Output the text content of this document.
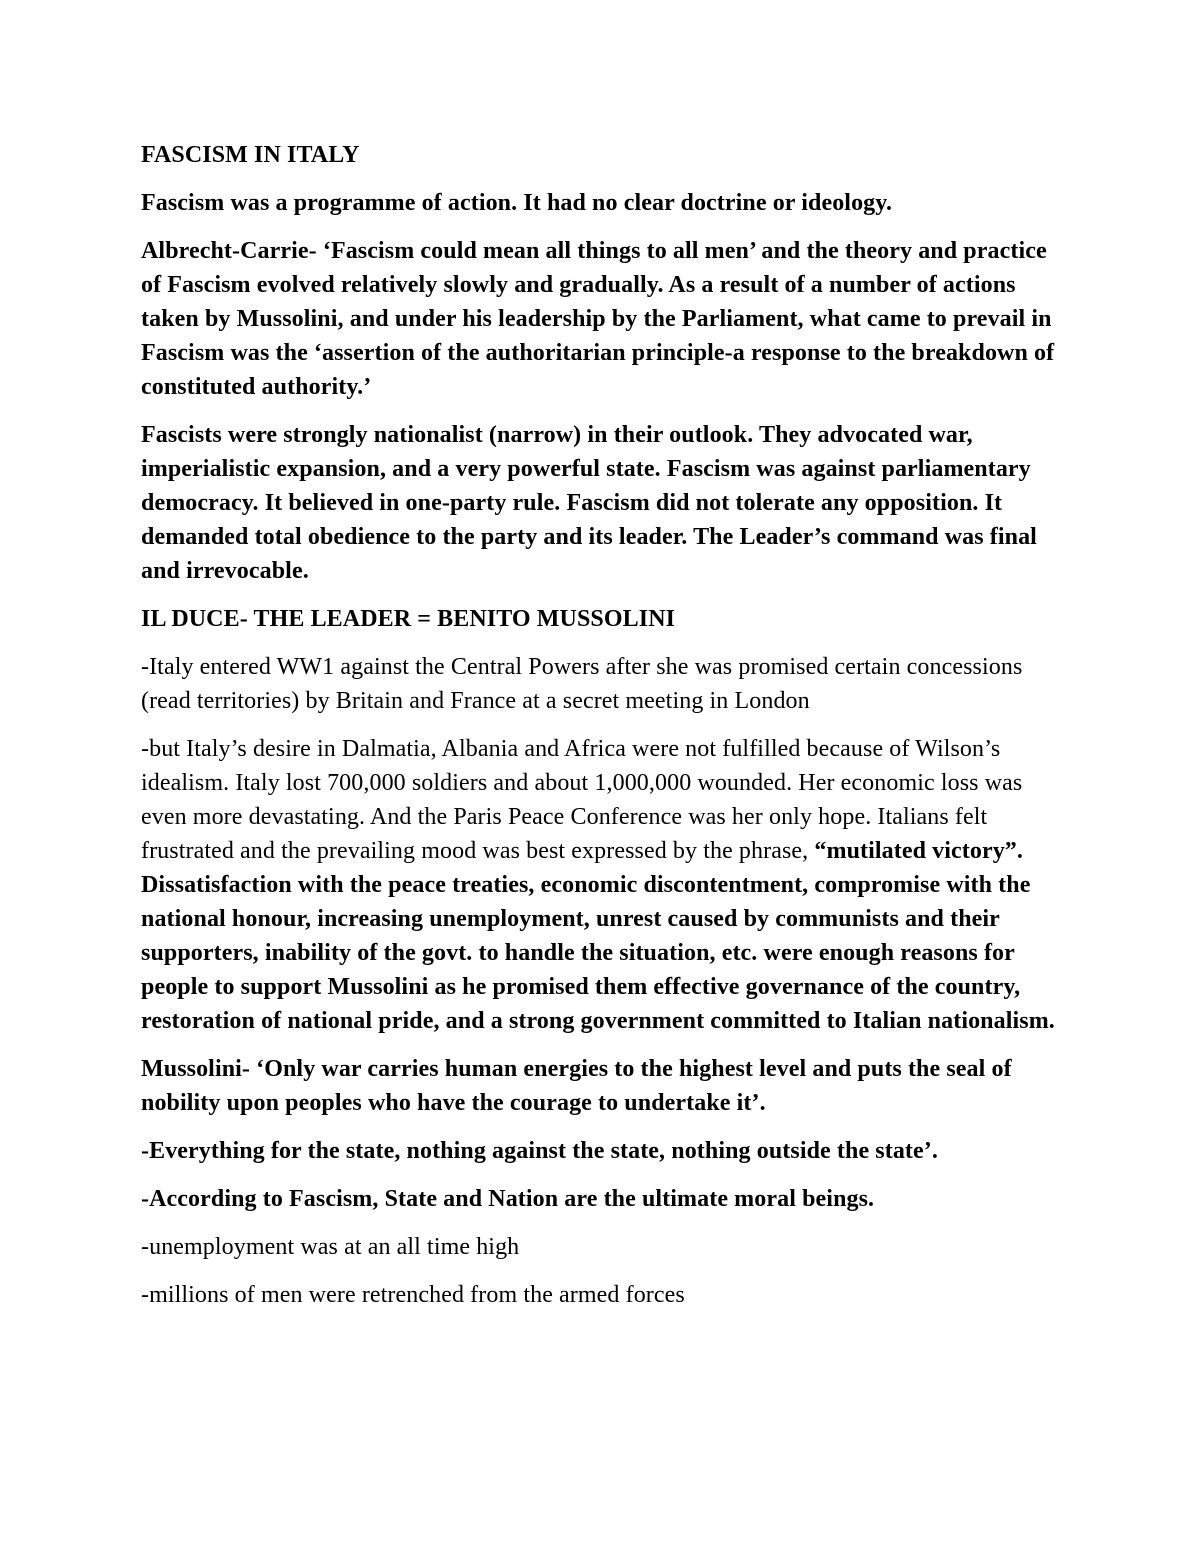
FASCISM IN ITALY

Fascism was a programme of action. It had no clear doctrine or ideology.

Albrecht-Carrie- ‘Fascism could mean all things to all men’ and the theory and practice of Fascism evolved relatively slowly and gradually. As a result of a number of actions taken by Mussolini, and under his leadership by the Parliament, what came to prevail in Fascism was the ‘assertion of the authoritarian principle-a response to the breakdown of constituted authority.’

Fascists were strongly nationalist (narrow) in their outlook. They advocated war, imperialistic expansion, and a very powerful state. Fascism was against parliamentary democracy. It believed in one-party rule. Fascism did not tolerate any opposition. It demanded total obedience to the party and its leader. The Leader’s command was final and irrevocable.

IL DUCE- THE LEADER = BENITO MUSSOLINI

-Italy entered WW1 against the Central Powers after she was promised certain concessions (read territories) by Britain and France at a secret meeting in London

-but Italy’s desire in Dalmatia, Albania and Africa were not fulfilled because of Wilson’s idealism. Italy lost 700,000 soldiers and about 1,000,000 wounded. Her economic loss was even more devastating. And the Paris Peace Conference was her only hope. Italians felt frustrated and the prevailing mood was best expressed by the phrase, “mutilated victory”. Dissatisfaction with the peace treaties, economic discontentment, compromise with the national honour, increasing unemployment, unrest caused by communists and their supporters, inability of the govt. to handle the situation, etc. were enough reasons for people to support Mussolini as he promised them effective governance of the country, restoration of national pride, and a strong government committed to Italian nationalism.

Mussolini- ‘Only war carries human energies to the highest level and puts the seal of nobility upon peoples who have the courage to undertake it’.

-Everything for the state, nothing against the state, nothing outside the state’.

-According to Fascism, State and Nation are the ultimate moral beings.

-unemployment was at an all time high

-millions of men were retrenched from the armed forces
